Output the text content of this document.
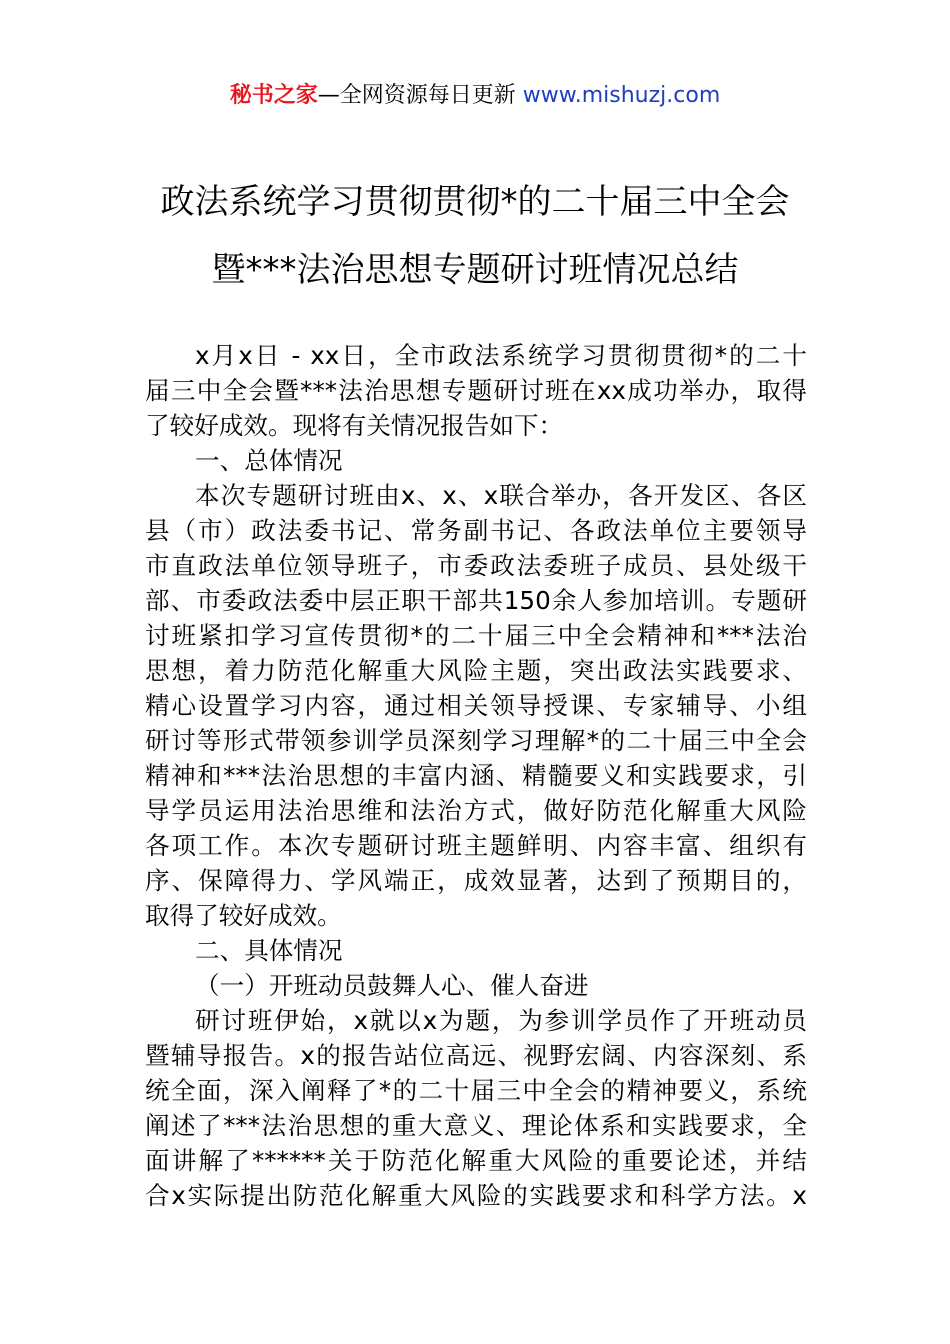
秘书之家—全网资源每日更新 www.mishuzj.com
政法系统学习贯彻贯彻*的二十届三中全会
暨***法治思想专题研讨班情况总结
x月x日 - xx日，全市政法系统学习贯彻贯彻*的二十
届三中全会暨***法治思想专题研讨班在xx成功举办，取得
了较好成效。现将有关情况报告如下：
一、总体情况
本次专题研讨班由x、x、x联合举办，各开发区、各区
县（市）政法委书记、常务副书记、各政法单位主要领导
市直政法单位领导班子，市委政法委班子成员、县处级干
部、市委政法委中层正职干部共150余人参加培训。专题研
讨班紧扣学习宣传贯彻*的二十届三中全会精神和***法治
思想，着力防范化解重大风险主题，突出政法实践要求、
精心设置学习内容，通过相关领导授课、专家辅导、小组
研讨等形式带领参训学员深刻学习理解*的二十届三中全会
精神和***法治思想的丰富内涵、精髓要义和实践要求，引
导学员运用法治思维和法治方式，做好防范化解重大风险
各项工作。本次专题研讨班主题鲜明、内容丰富、组织有
序、保障得力、学风端正，成效显著，达到了预期目的，
取得了较好成效。
二、具体情况
（一）开班动员鼓舞人心、催人奋进
研讨班伊始，x就以x为题，为参训学员作了开班动员
暨辅导报告。x的报告站位高远、视野宏阔、内容深刻、系
统全面，深入阐释了*的二十届三中全会的精神要义，系统
阐述了***法治思想的重大意义、理论体系和实践要求，全
面讲解了******关于防范化解重大风险的重要论述，并结
合x实际提出防范化解重大风险的实践要求和科学方法。x
